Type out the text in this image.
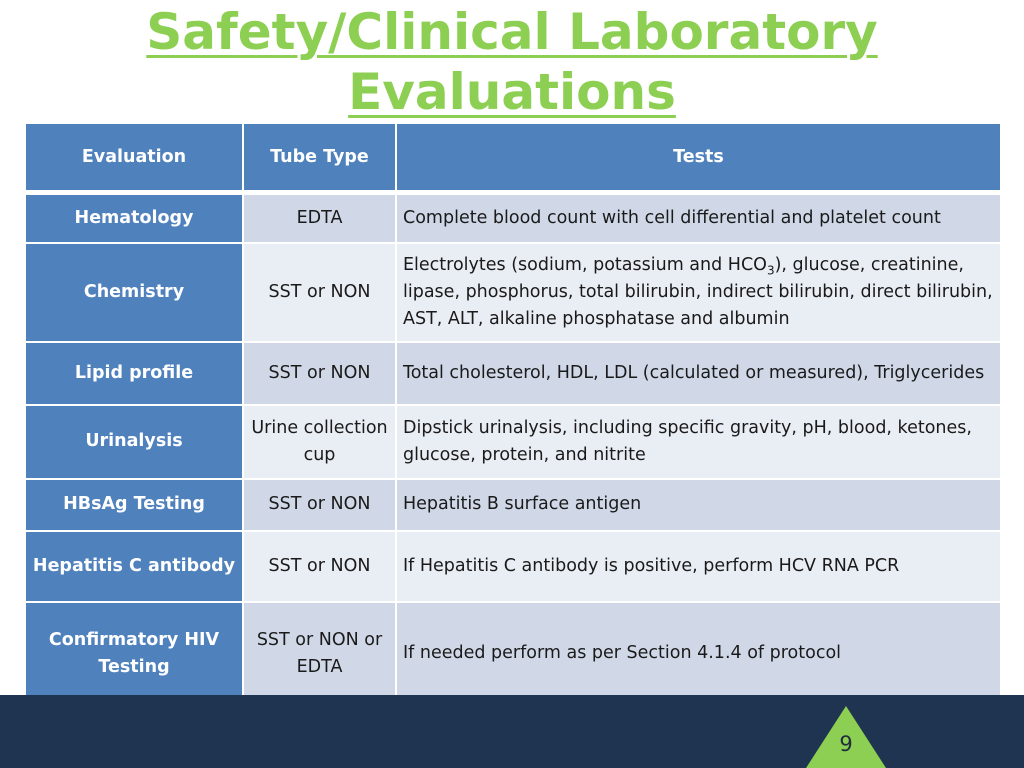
Safety/Clinical Laboratory Evaluations
Evaluation	Tube Type	Tests
Hematology	EDTA	Complete blood count with cell differential and platelet count
Chemistry	SST or NON	Electrolytes (sodium, potassium and $HCO_3$), glucose, creatinine, lipase, phosphorus, total bilirubin, indirect bilirubin, direct bilirubin, AST, ALT, alkaline phosphatase and albumin
Lipid profile	SST or NON	Total cholesterol, HDL, LDL (calculated or measured), Triglycerides
Urinalysis	Urine collection cup	Dipstick urinalysis, including specific gravity, pH, blood, ketones, glucose, protein, and nitrite
HBsAg Testing	SST or NON	Hepatitis B surface antigen
Hepatitis C antibody	SST or NON	If Hepatitis C antibody is positive, perform HCV RNA PCR
Confirmatory HIV Testing	SST or NON or EDTA	If needed perform as per Section 4.1.4 of protocol
9
